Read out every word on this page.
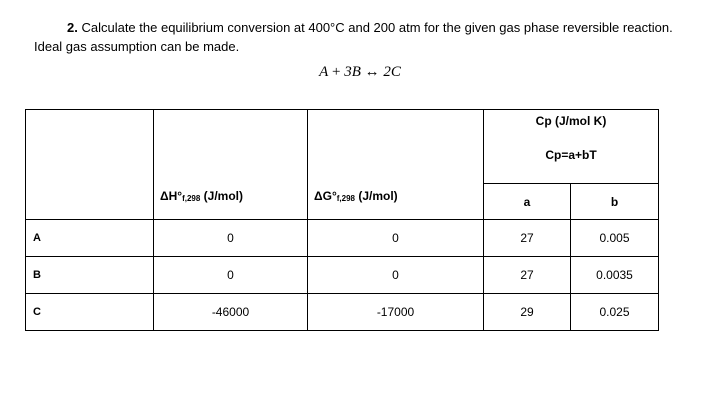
2. Calculate the equilibrium conversion at 400°C and 200 atm for the given gas phase reversible reaction.
Ideal gas assumption can be made.
A + 3B ↔ 2C
	$\Delta H^\circ_{f,298}$ (J/mol)	$\Delta G^\circ_{f,298}$ (J/mol)	Cp (J/mol K)
Cp=a+bT	

			a	b
A	0	0	27	0.005
B	0	0	27	0.0035
C	-46000	-17000	29	0.025
